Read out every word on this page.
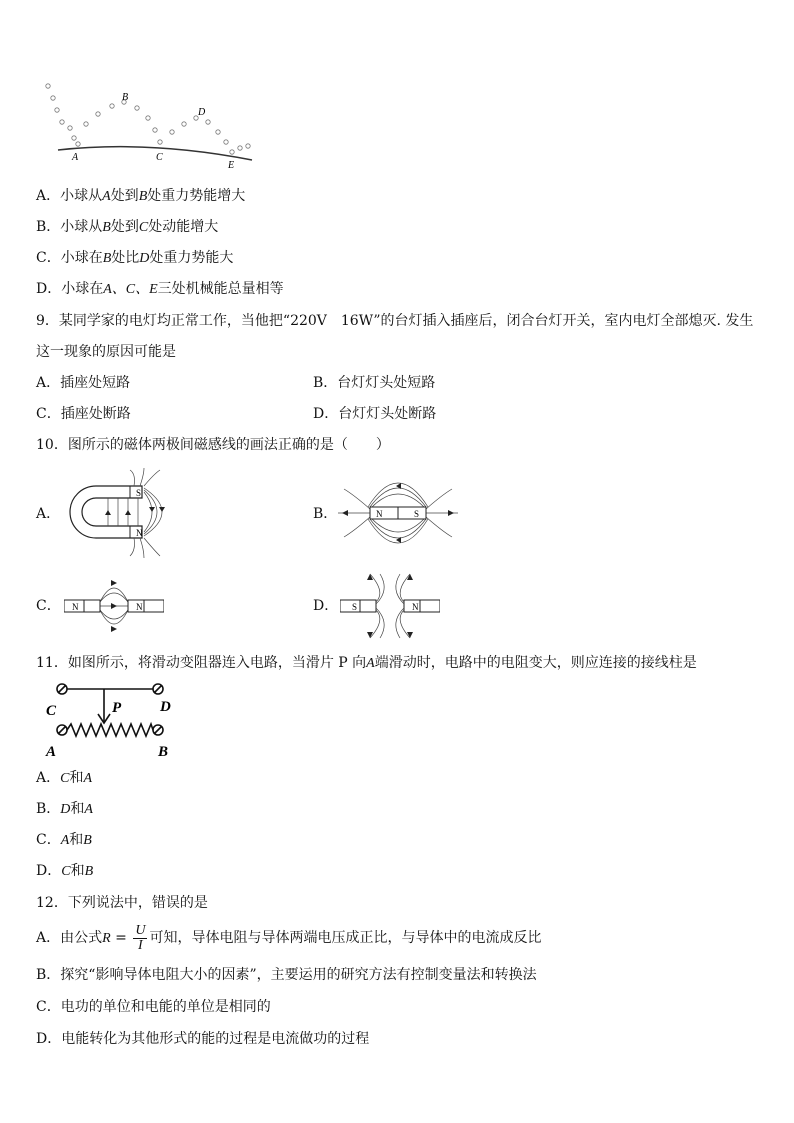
A
B
C
D
E
A．小球从A处到B处重力势能增大
B．小球从B处到C处动能增大
C．小球在B处比D处重力势能大
D．小球在A、C、E三处机械能总量相等
9．某同学家的电灯均正常工作，当他把“220V　16W”的台灯插入插座后，闭合台灯开关，室内电灯全部熄灭. 发生
这一现象的原因可能是
A．插座处短路	B．台灯灯头处短路
C．插座处断路	D．台灯灯头处断路
10．图所示的磁体两极间磁感线的画法正确的是（　　）
A．
S
N
B．	N	S
C． N	N	D． S	N
11．如图所示，将滑动变阻器连入电路，当滑片 P 向A端滑动时，电路中的电阻变大，则应连接的接线柱是
C	D
P
A	B
A．C和A
B．D和A
C．A和B
D．C和B
12．下列说法中，错误的是
A．由公式$R = \frac{U}{I}$ 可知，导体电阻与导体两端电压成正比，与导体中的电流成反比
B．探究“影响导体电阻大小的因素”，主要运用的研究方法有控制变量法和转换法
C．电功的单位和电能的单位是相同的
D．电能转化为其他形式的能的过程是电流做功的过程
